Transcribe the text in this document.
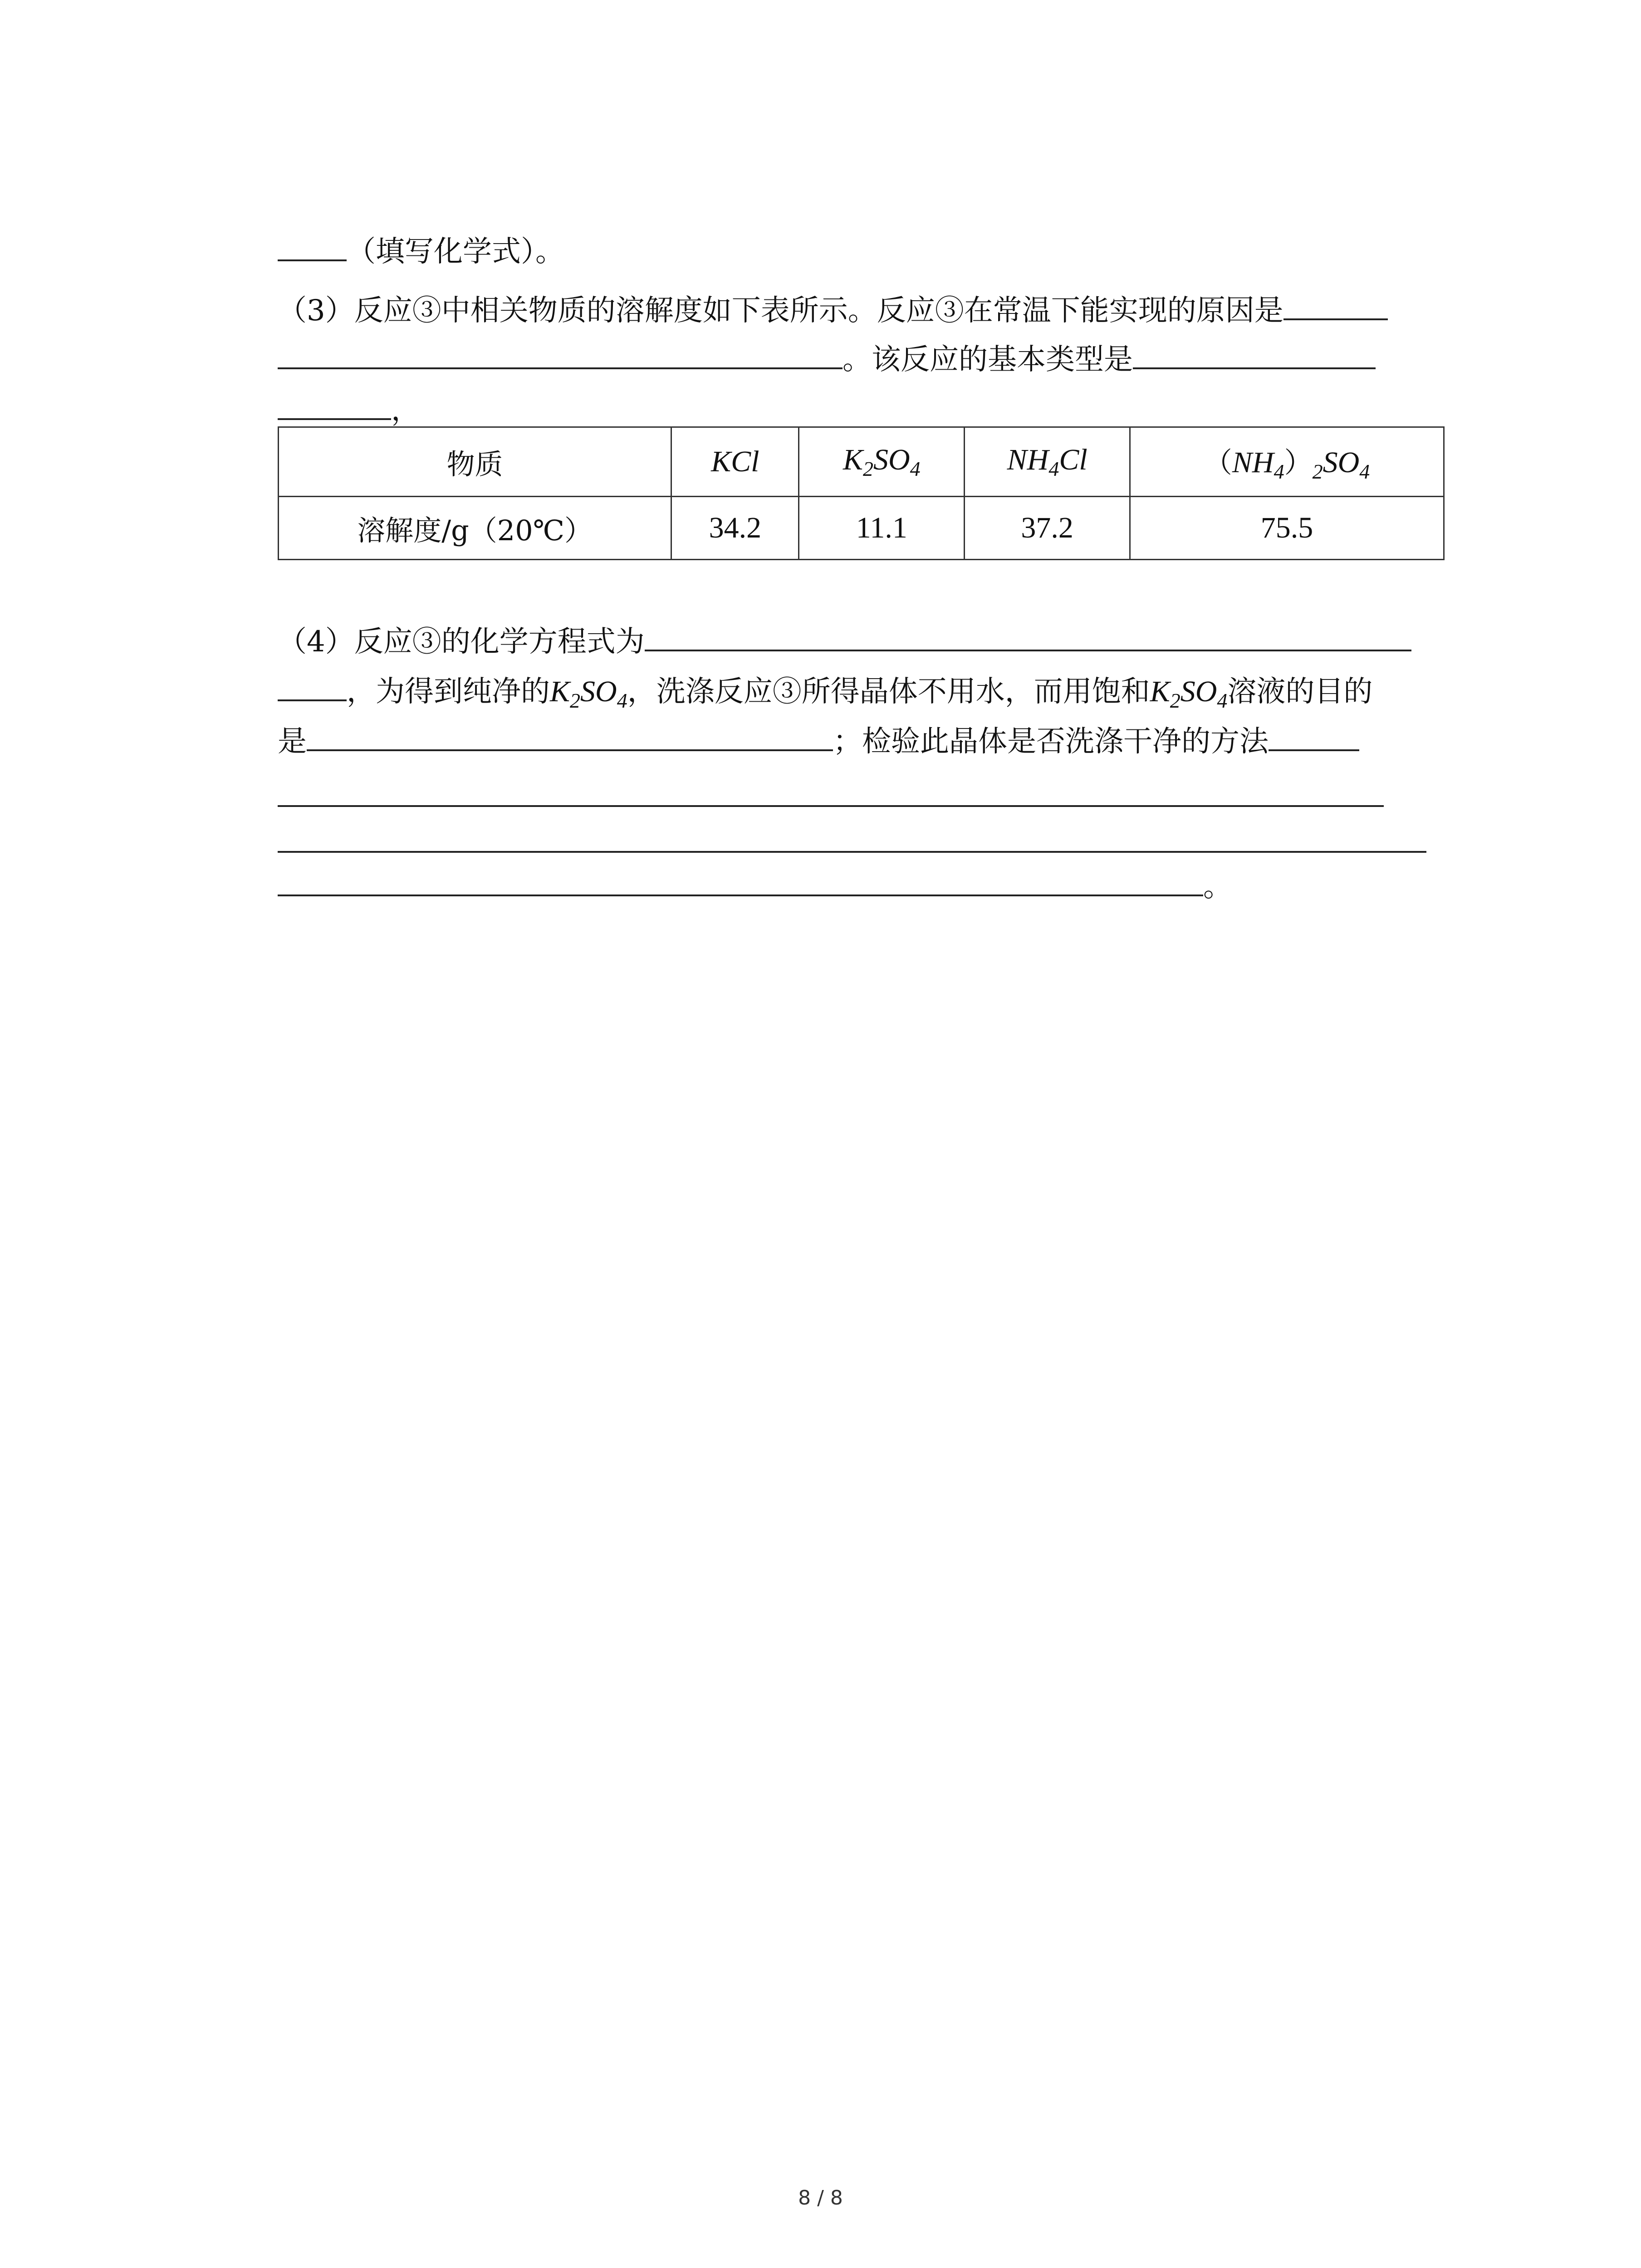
（填写化学式）。
（3）反应③中相关物质的溶解度如下表所示。反应③在常温下能实现的原因是
。该反应的基本类型是
，
物质	KCl	$K_2SO_4$	$NH_4Cl$	$(NH_4)_2SO_4$
溶解度/g（20℃）	34.2	11.1	37.2	75.5
（4）反应③的化学方程式为
，为得到纯净的$K_2SO_4$，洗涤反应③所得晶体不用水，而用饱和$K_2SO_4$溶液的目的
是	；检验此晶体是否洗涤干净的方法
。
8 / 8
